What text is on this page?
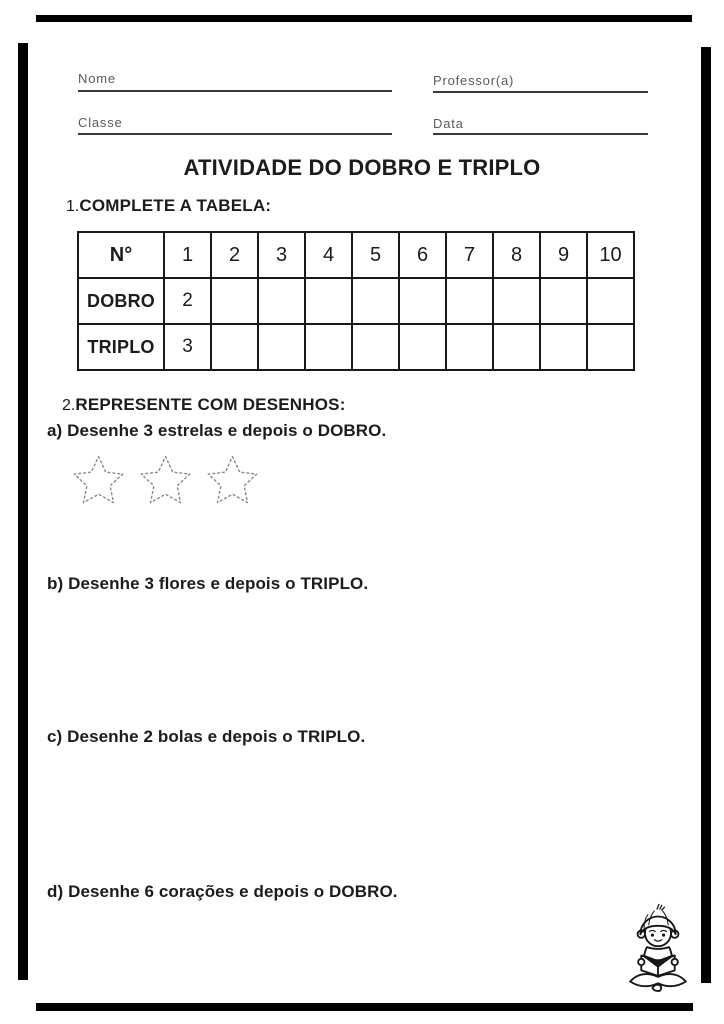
Nome	Professor(a)
Classe	Data
ATIVIDADE DO DOBRO E TRIPLO
1.COMPLETE A TABELA:
N°	1	2	3	4	5	6	7	8	9	10
DOBRO	2									
TRIPLO	3									
2.REPRESENTE COM DESENHOS:
a) Desenhe 3 estrelas e depois o DOBRO.
b) Desenhe 3 flores e depois o TRIPLO.
c) Desenhe 2 bolas e depois o TRIPLO.
d) Desenhe 6 corações e depois o DOBRO.
